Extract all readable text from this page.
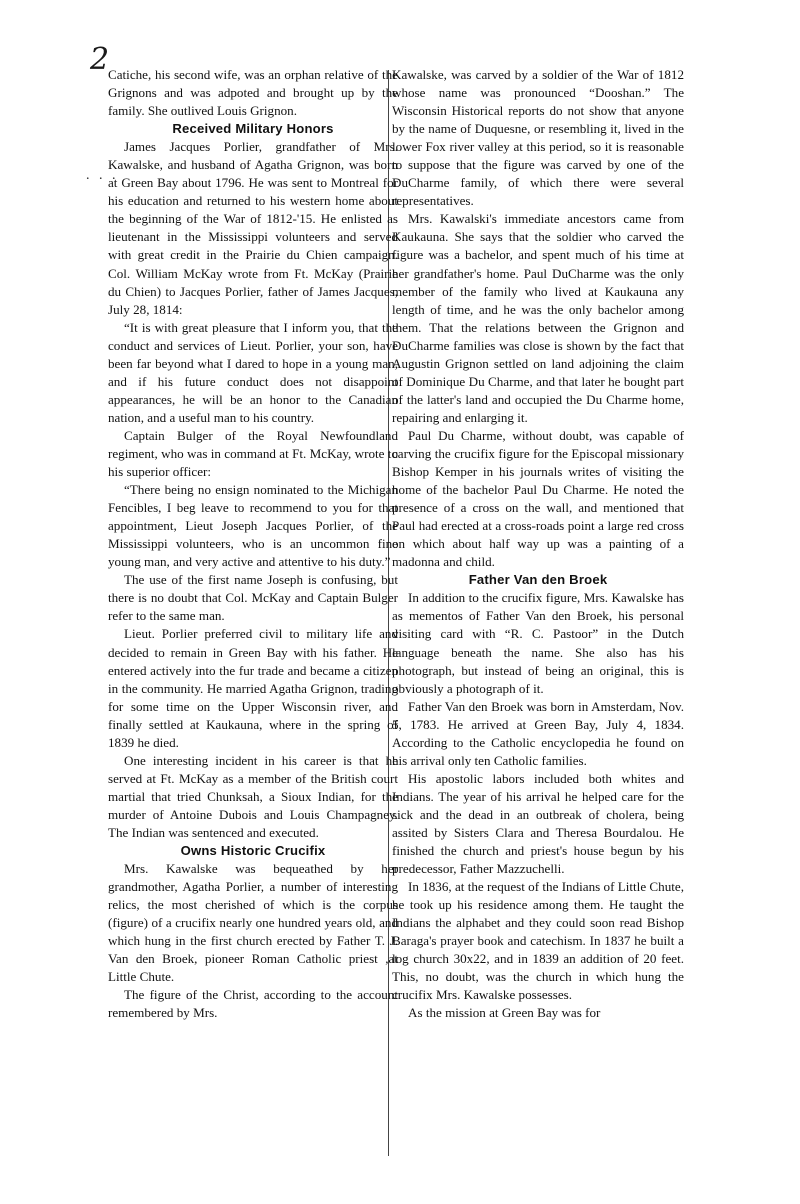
2
. . .

Catiche, his second wife, was an orphan relative of the Grignons and was adpoted and brought up by the family. She outlived Louis Grignon.

Received Military Honors

James Jacques Porlier, grandfather of Mrs. Kawalske, and husband of Agatha Grignon, was born at Green Bay about 1796. He was sent to Montreal for his education and returned to his western home about the beginning of the War of 1812-'15. He enlisted as lieutenant in the Mississippi volunteers and served with great credit in the Prairie du Chien campaign. Col. William McKay wrote from Ft. McKay (Prairie du Chien) to Jacques Porlier, father of James Jacques, July 28, 1814:

“It is with great pleasure that I inform you, that the conduct and services of Lieut. Porlier, your son, have been far beyond what I dared to hope in a young man, and if his future conduct does not disappoint appearances, he will be an honor to the Canadian nation, and a useful man to his country.

Captain Bulger of the Royal Newfoundland regiment, who was in command at Ft. McKay, wrote to his superior officer:

“There being no ensign nominated to the Michigan Fencibles, I beg leave to recommend to you for that appointment, Lieut Joseph Jacques Porlier, of the Mississippi volunteers, who is an uncommon fine young man, and very active and attentive to his duty.”

The use of the first name Joseph is confusing, but there is no doubt that Col. McKay and Captain Bulger refer to the same man.

Lieut. Porlier preferred civil to military life and decided to remain in Green Bay with his father. He entered actively into the fur trade and became a citizen in the community. He married Agatha Grignon, trading for some time on the Upper Wisconsin river, and finally settled at Kaukauna, where in the spring of 1839 he died.

One interesting incident in his career is that he served at Ft. McKay as a member of the British court martial that tried Chunksah, a Sioux Indian, for the murder of Antoine Dubois and Louis Champagney. The Indian was sentenced and executed.

Owns Historic Crucifix

Mrs. Kawalske was bequeathed by her grandmother, Agatha Porlier, a number of interesting relics, the most cherished of which is the corpus (figure) of a crucifix nearly one hundred years old, and which hung in the first church erected by Father T. J. Van den Broek, pioneer Roman Catholic priest ,at Little Chute.

The figure of the Christ, according to the account remembered by Mrs.

Kawalske, was carved by a soldier of the War of 1812 whose name was pronounced “Dooshan.” The Wisconsin Historical reports do not show that anyone by the name of Duquesne, or resembling it, lived in the lower Fox river valley at this period, so it is reasonable to suppose that the figure was carved by one of the DuCharme family, of which there were several representatives.

Mrs. Kawalski's immediate ancestors came from Kaukauna. She says that the soldier who carved the figure was a bachelor, and spent much of his time at her grandfather's home. Paul DuCharme was the only member of the family who lived at Kaukauna any length of time, and he was the only bachelor among them. That the relations between the Grignon and DuCharme families was close is shown by the fact that Augustin Grignon settled on land adjoining the claim of Dominique Du Charme, and that later he bought part of the latter's land and occupied the Du Charme home, repairing and enlarging it.

Paul Du Charme, without doubt, was capable of carving the crucifix figure for the Episcopal missionary Bishop Kemper in his journals writes of visiting the home of the bachelor Paul Du Charme. He noted the presence of a cross on the wall, and mentioned that Paul had erected at a cross-roads point a large red cross on which about half way up was a painting of a madonna and child.

Father Van den Broek

In addition to the crucifix figure, Mrs. Kawalske has as mementos of Father Van den Broek, his personal visiting card with “R. C. Pastoor” in the Dutch language beneath the name. She also has his photograph, but instead of being an original, this is obviously a photograph of it.

Father Van den Broek was born in Amsterdam, Nov. 5, 1783. He arrived at Green Bay, July 4, 1834. According to the Catholic encyclopedia he found on his arrival only ten Catholic families.

His apostolic labors included both whites and Indians. The year of his arrival he helped care for the sick and the dead in an outbreak of cholera, being assited by Sisters Clara and Theresa Bourdalou. He finished the church and priest's house begun by his predecessor, Father Mazzuchelli.

In 1836, at the request of the Indians of Little Chute, he took up his residence among them. He taught the Indians the alphabet and they could soon read Bishop Baraga's prayer book and catechism. In 1837 he built a log church 30x22, and in 1839 an addition of 20 feet. This, no doubt, was the church in which hung the crucifix Mrs. Kawalske possesses.

As the mission at Green Bay was for
